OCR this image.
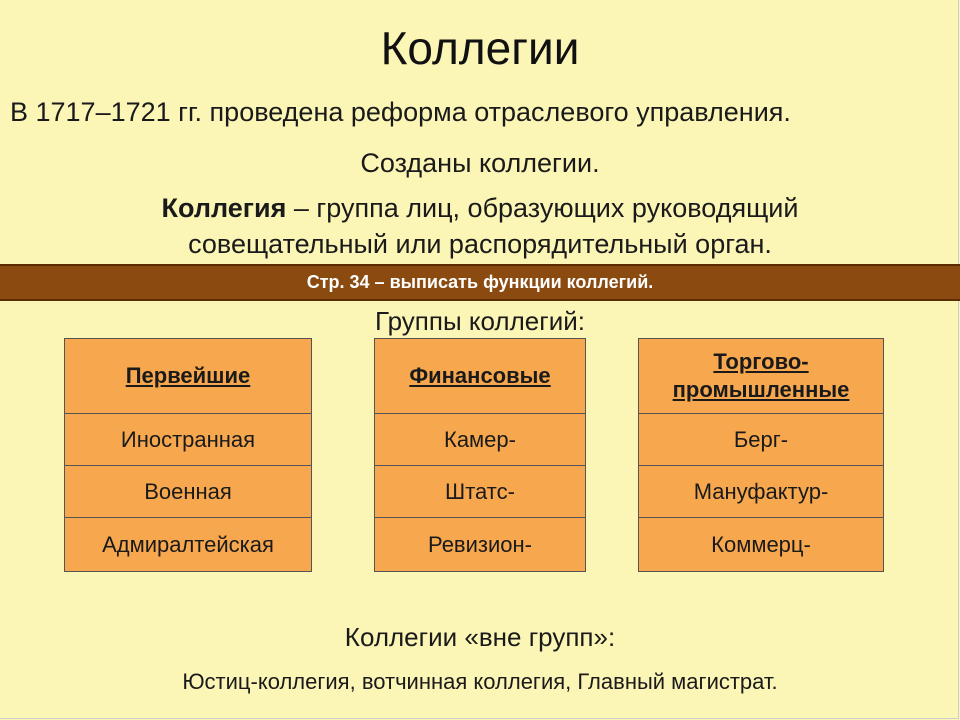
Коллегии
В 1717–1721 гг. проведена реформа отраслевого управления.
Созданы коллегии.
Коллегия – группа лиц, образующих руководящий совещательный или распорядительный орган.
Стр. 34 – выписать функции коллегий.
Группы коллегий:
Первейшие
Иностранная
Военная
Адмиралтейская
Финансовые
Камер-
Штатс-
Ревизион-
Торгово-промышленные
Берг-
Мануфактур-
Коммерц-
Коллегии «вне групп»:
Юстиц-коллегия, вотчинная коллегия, Главный магистрат.
